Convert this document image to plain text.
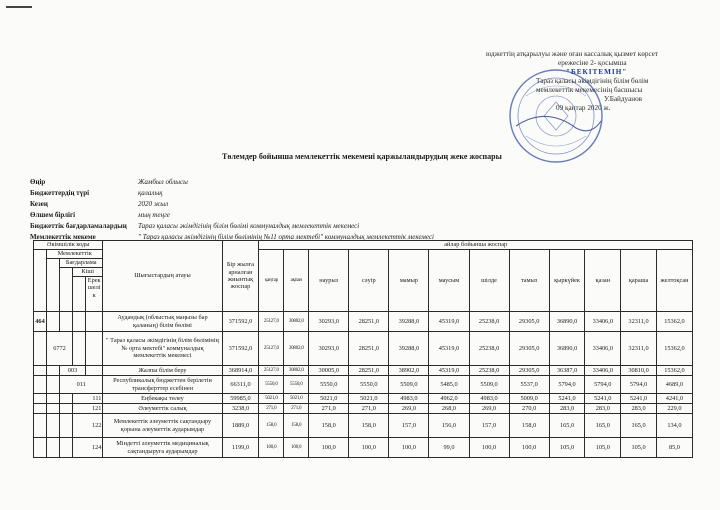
юджеттің атқарылуы және оған кассалық қызмет көрсет
ережесіне 2- қосымша
"БЕКІТЕМІН"
Тараз қаласы әкімдігінің білім бөлім
мемлекеттік мекемесінің басшысы
У.Байдуанов
09 қаңтар 2020 ж.
Төлемдер бойынша мемлекеттік мекемені қаржыландырудың жеке жоспары
Өңір	Жамбыл облысы
Бюджеттердің түрі	қалалық
Кезең	2020 жыл
Өлшем бірлігі	мың теңге
Бюджеттік бағдарламалардың Тараз қаласы әкімдігінің білім бөлімі коммуналдық мемлекеттік мекемесі
Мемлекеттік мекеме	" Тараз қаласы әкімдігінің білім бөлімінің №11 орта мектебі" коммуналдық мемлекеттік мекемесі
Әкімшілік коды					Шығыстардың атауы	Бір жылға арналған жиынтық жоспар	айлар бойынша жоспар											
	Мемлекеттік						қаңтар	ақпан	наурыз	сәуір	мамыр	маусым	шілде	тамыз	қыркүйек	қазан	қараша	желтоқсан
		Бағдарлама																
			Кіші															
				Ерекшелік														
464					Аудандық (облыстық маңызы бар қаланың) білім бөлімі	371592,0	25127,0	30802,0	30293,0	28251,0	39288,0	45319,0	25238,0	29305,0	36890,0	33406,0	32311,0	15362,0
	6772				" Тараз қаласы әкімдігінің білім бөлімінің № орта мектебі" коммуналдық мемлекеттік мекемесі	371592,0	25127,0	30802,0	30293,0	28251,0	39288,0	45319,0	25238,0	29305,0	36890,0	33406,0	32311,0	15362,0
		003			Жалпы білім беру	368914,0	25127,0	30802,0	30005,0	28251,0	38902,0	45319,0	25238,0	29305,0	36387,0	33406,0	30810,0	15362,0
		011			Республикалық бюджеттен берілетін трансферттер есебінен	66311,0	5550,0	5550,0	5550,0	5550,0	5509,0	5485,0	5509,0	5537,0	5794,0	5794,0	5794,0	4689,0
			111		Еңбекақы төлеу	59985,0	5021,0	5021,0	5021,0	5021,0	4983,0	4962,0	4983,0	5009,0	5241,0	5241,0	5241,0	4241,0
			121		Әлеуметтік салық	3238,0	271,0	271,0	271,0	271,0	269,0	268,0	269,0	270,0	283,0	283,0	283,0	229,0
			122		Мемлекеттік әлеуметтік сақтандыру қорына әлеуметтік аударымдар	1889,0	158,0	158,0	158,0	158,0	157,0	156,0	157,0	158,0	165,0	165,0	165,0	134,0
			124		Міндетті әлеуметтік медициналық сақтандыруға аударымдар	1199,0	100,0	100,0	100,0	100,0	100,0	99,0	100,0	100,0	105,0	105,0	105,0	85,0
